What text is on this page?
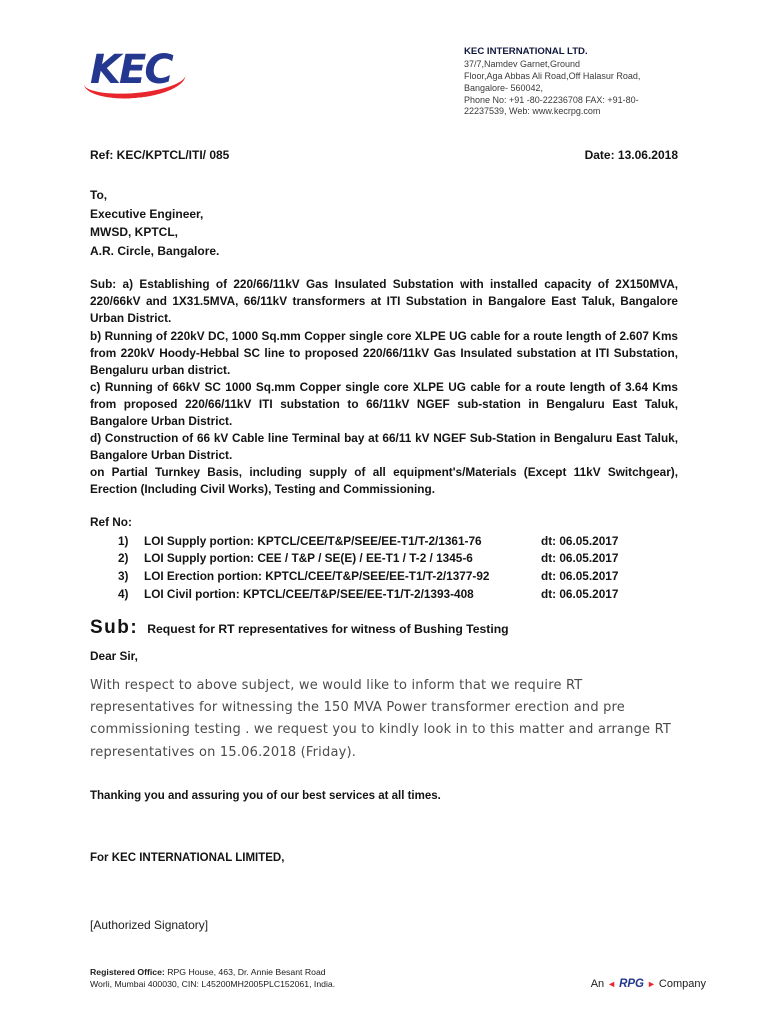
KEC	KEC INTERNATIONAL LTD.
37/7,Namdev Garnet,Ground
Floor,Aga Abbas Ali Road,Off Halasur Road,
Bangalore- 560042,
Phone No: +91 -80-22236708 FAX: +91-80-
22237539, Web: www.kecrpg.com
Ref: KEC/KPTCL/ITI/ 085	Date: 13.06.2018
To,
Executive Engineer,
MWSD, KPTCL,
A.R. Circle, Bangalore.

Sub: a) Establishing of 220/66/11kV Gas Insulated Substation with installed capacity of 2X150MVA, 220/66kV and 1X31.5MVA, 66/11kV transformers at ITI Substation in Bangalore East Taluk, Bangalore Urban District.

b) Running of 220kV DC, 1000 Sq.mm Copper single core XLPE UG cable for a route length of 2.607 Kms from 220kV Hoody-Hebbal SC line to proposed 220/66/11kV Gas Insulated substation at ITI Substation, Bengaluru urban district.

c) Running of 66kV SC 1000 Sq.mm Copper single core XLPE UG cable for a route length of 3.64 Kms from proposed 220/66/11kV ITI substation to 66/11kV NGEF sub-station in Bengaluru East Taluk, Bangalore Urban District.

d) Construction of 66 kV Cable line Terminal bay at 66/11 kV NGEF Sub-Station in Bengaluru East Taluk, Bangalore Urban District.

on Partial Turnkey Basis, including supply of all equipment's/Materials (Except 11kV Switchgear), Erection (Including Civil Works), Testing and Commissioning.

Ref No:
1)	LOI Supply portion: KPTCL/CEE/T&P/SEE/EE-T1/T-2/1361-76	dt: 06.05.2017
2)	LOI Supply portion: CEE / T&P / SE(E) / EE-T1 / T-2 / 1345-6	dt: 06.05.2017
3)	LOI Erection portion: KPTCL/CEE/T&P/SEE/EE-T1/T-2/1377-92	dt: 06.05.2017
4)	LOI Civil portion: KPTCL/CEE/T&P/SEE/EE-T1/T-2/1393-408	dt: 06.05.2017
Sub: Request for RT representatives for witness of Bushing Testing
Dear Sir,
With respect to above subject, we would like to inform that we require RT representatives for witnessing the 150 MVA Power transformer erection and pre commissioning testing . we request you to kindly look in to this matter and arrange RT representatives on 15.06.2018 (Friday).
Thanking you and assuring you of our best services at all times.
For KEC INTERNATIONAL LIMITED,
[Authorized Signatory]
Registered Office: RPG House, 463, Dr. Annie Besant Road
Worli, Mumbai 400030, CIN: L45200MH2005PLC152061, India.	An ◄ RPG ► Company
